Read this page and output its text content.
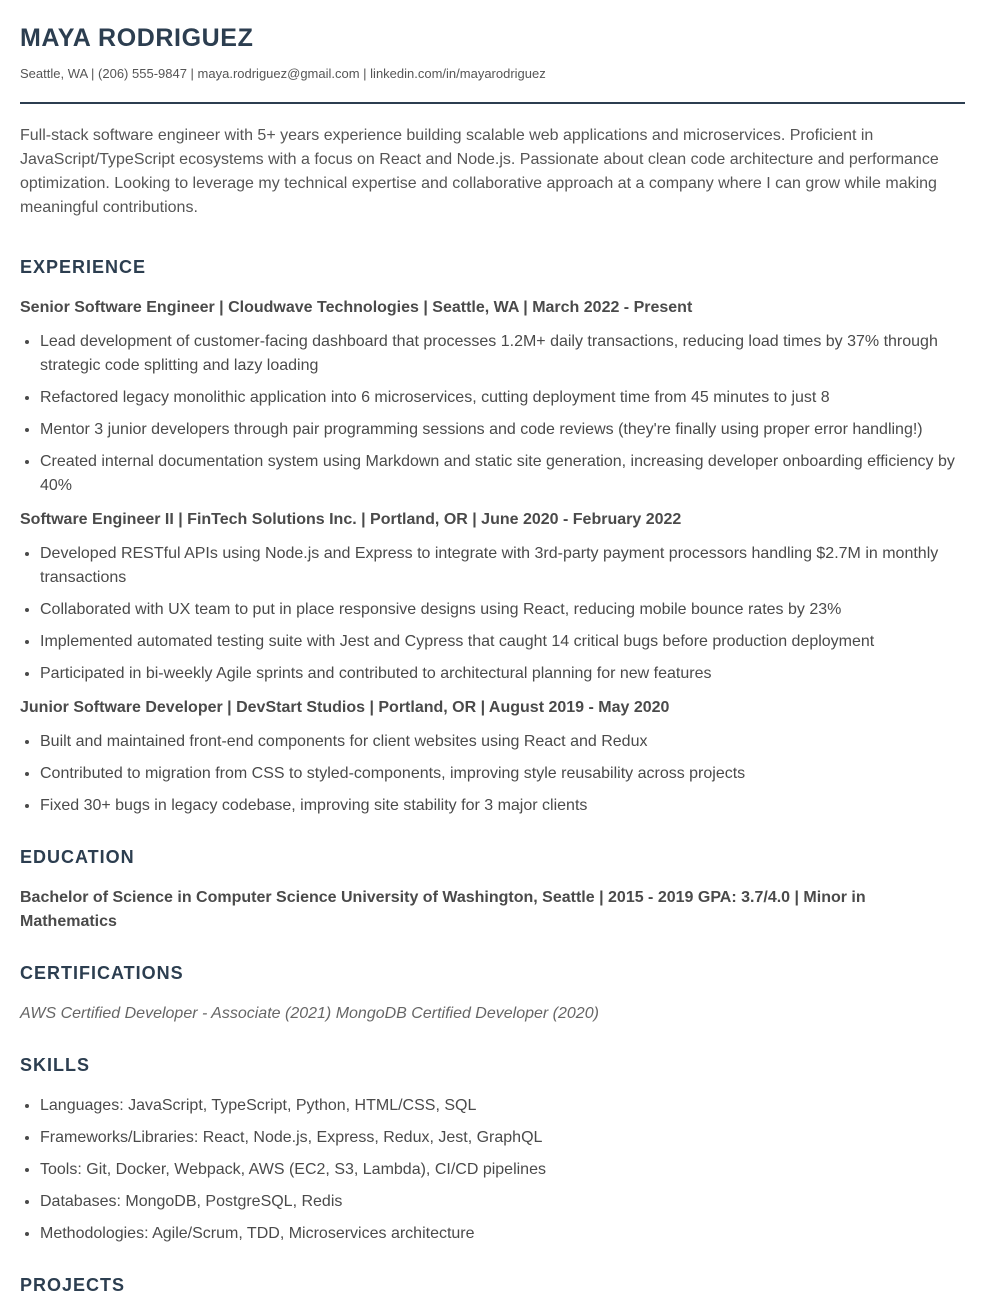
MAYA RODRIGUEZ
Seattle, WA | (206) 555-9847 | maya.rodriguez@gmail.com | linkedin.com/in/mayarodriguez

Full-stack software engineer with 5+ years experience building scalable web applications and microservices. Proficient in JavaScript/TypeScript ecosystems with a focus on React and Node.js. Passionate about clean code architecture and performance optimization. Looking to leverage my technical expertise and collaborative approach at a company where I can grow while making meaningful contributions.

EXPERIENCE

Senior Software Engineer | Cloudwave Technologies | Seattle, WA | March 2022 - Present

• Lead development of customer-facing dashboard that processes 1.2M+ daily transactions, reducing load times by 37% through strategic code splitting and lazy loading
• Refactored legacy monolithic application into 6 microservices, cutting deployment time from 45 minutes to just 8
• Mentor 3 junior developers through pair programming sessions and code reviews (they're finally using proper error handling!)
• Created internal documentation system using Markdown and static site generation, increasing developer onboarding efficiency by 40%

Software Engineer II | FinTech Solutions Inc. | Portland, OR | June 2020 - February 2022

• Developed RESTful APIs using Node.js and Express to integrate with 3rd-party payment processors handling $2.7M in monthly transactions
• Collaborated with UX team to put in place responsive designs using React, reducing mobile bounce rates by 23%
• Implemented automated testing suite with Jest and Cypress that caught 14 critical bugs before production deployment
• Participated in bi-weekly Agile sprints and contributed to architectural planning for new features

Junior Software Developer | DevStart Studios | Portland, OR | August 2019 - May 2020

• Built and maintained front-end components for client websites using React and Redux
• Contributed to migration from CSS to styled-components, improving style reusability across projects
• Fixed 30+ bugs in legacy codebase, improving site stability for 3 major clients
EDUCATION

Bachelor of Science in Computer Science University of Washington, Seattle | 2015 - 2019 GPA: 3.7/4.0 | Minor in Mathematics

CERTIFICATIONS

AWS Certified Developer - Associate (2021) MongoDB Certified Developer (2020)

SKILLS
• Languages: JavaScript, TypeScript, Python, HTML/CSS, SQL
• Frameworks/Libraries: React, Node.js, Express, Redux, Jest, GraphQL
• Tools: Git, Docker, Webpack, AWS (EC2, S3, Lambda), CI/CD pipelines
• Databases: MongoDB, PostgreSQL, Redis
• Methodologies: Agile/Scrum, TDD, Microservices architecture
PROJECTS
